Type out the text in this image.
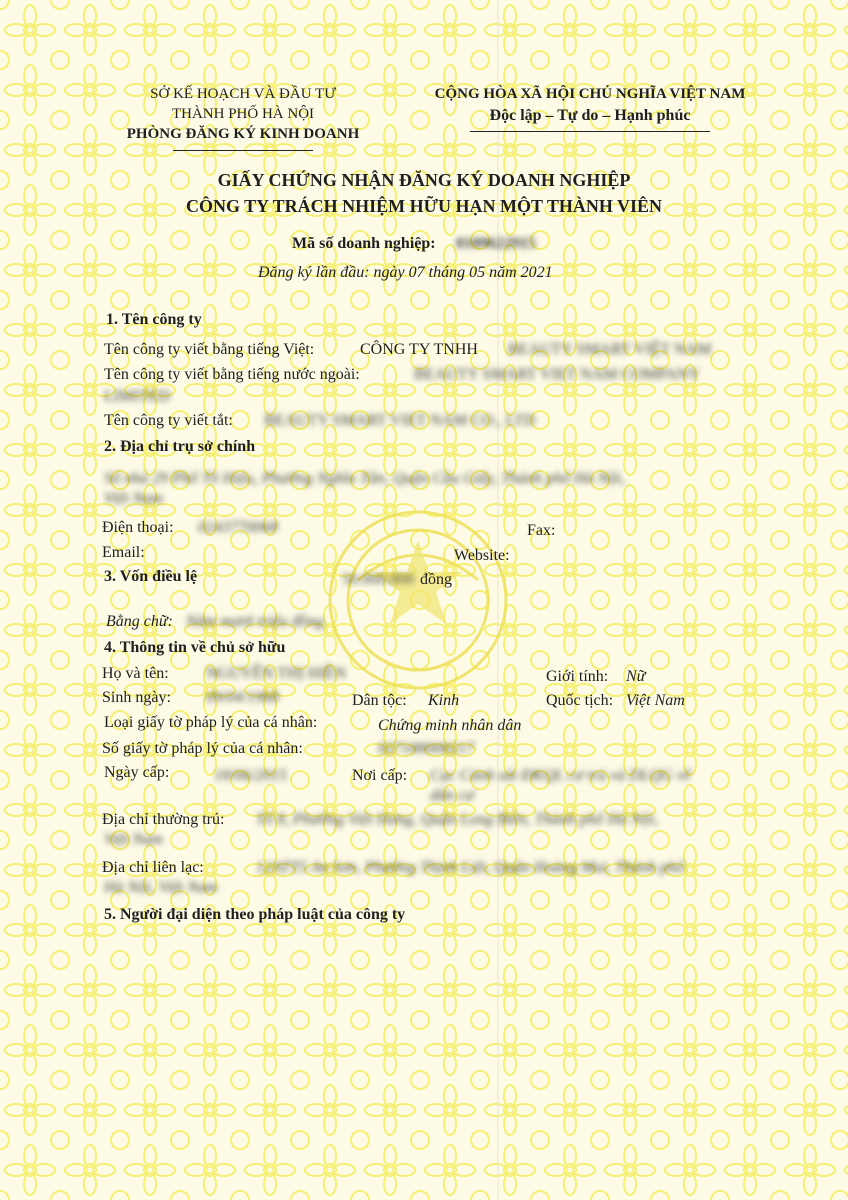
SỞ KẾ HOẠCH VÀ ĐẦU TƯ
THÀNH PHỐ HÀ NỘI
PHÒNG ĐĂNG KÝ KINH DOANH
CỘNG HÒA XÃ HỘI CHỦ NGHĨA VIỆT NAM
Độc lập – Tự do – Hạnh phúc
GIẤY CHỨNG NHẬN ĐĂNG KÝ DOANH NGHIỆP
CÔNG TY TRÁCH NHIỆM HỮU HẠN MỘT THÀNH VIÊN
Mã số doanh nghiệp: 0109622915
Đăng ký lần đầu: ngày 07 tháng 05 năm 2021
1. Tên công ty
Tên công ty viết bằng tiếng Việt:	CÔNG TY TNHH BEAUTY SMART VIỆT NAM
Tên công ty viết bằng tiếng nước ngoài:	BEAUTY SMART VIET NAM COMPANY
LIMITED
Tên công ty viết tắt: BEAUTY SMART VIET NAM CO., LTD
2. Địa chỉ trụ sở chính
Số nhà 29 Phố Tô Hiệu, Phường Nghĩa Tân, Quận Cầu Giấy, Thành phố Hà Nội,
Việt Nam
Điện thoại: 0243770068	Fax:
Email:	Website:
3. Vốn điều lệ	50.000.000 đồng
Bằng chữ: Năm mươi triệu đồng
4. Thông tin về chủ sở hữu
Họ và tên: NGUYỄN THỊ HIỀN	Giới tính: Nữ
Sinh ngày: 09/04/1968	Dân tộc: Kinh	Quốc tịch: Việt Nam
Loại giấy tờ pháp lý của cá nhân:	Chứng minh nhân dân
Số giấy tờ pháp lý của cá nhân:	027188000217
Ngày cấp:	18/06/2015	Nơi cấp: Cục Cảnh sát ĐKQL cư trú và DLQG về
dân cư
Địa chỉ thường trú: Tổ 8, Phường Việt Hưng, Quận Long Biên, Thành phố Hà Nội,
Việt Nam
Địa chỉ liên lạc:	12ATT5 An Sơn, Phường Thịnh Liệt, Quận Hoàng Mai, Thành phố
Hà Nội, Việt Nam
5. Người đại diện theo pháp luật của công ty
